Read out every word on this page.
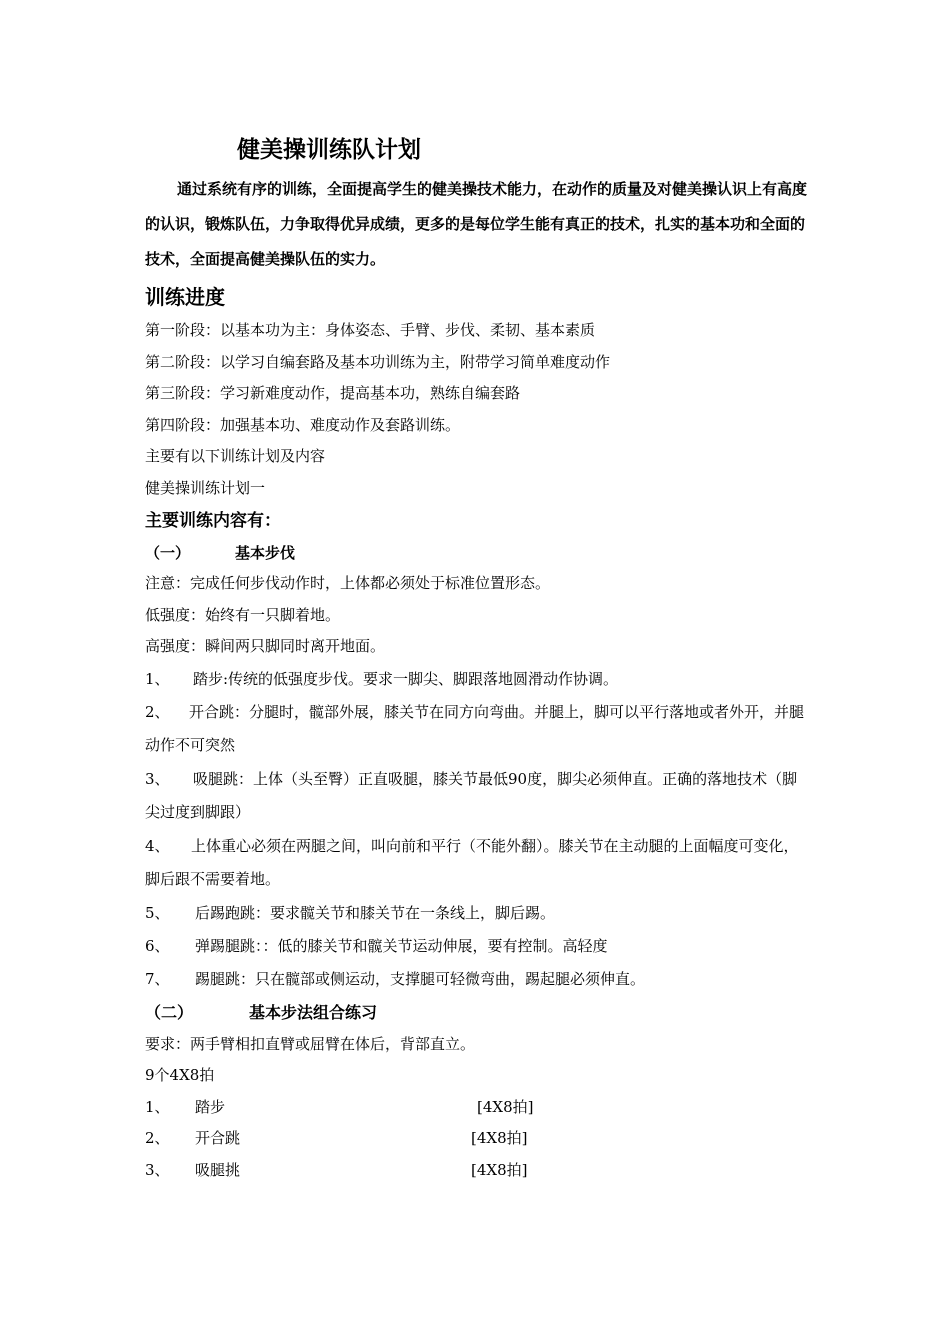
健美操训练队计划
通过系统有序的训练，全面提高学生的健美操技术能力，在动作的质量及对健美操认识上有高度的认识，锻炼队伍，力争取得优异成绩，更多的是每位学生能有真正的技术，扎实的基本功和全面的技术，全面提高健美操队伍的实力。
训练进度
第一阶段：以基本功为主：身体姿态、手臂、步伐、柔韧、基本素质
第二阶段：以学习自编套路及基本功训练为主，附带学习简单难度动作
第三阶段：学习新难度动作，提高基本功，熟练自编套路
第四阶段：加强基本功、难度动作及套路训练。
主要有以下训练计划及内容
健美操训练计划一
主要训练内容有：
（一）	基本步伐
注意：完成任何步伐动作时，上体都必须处于标准位置形态。
低强度：始终有一只脚着地。
高强度：瞬间两只脚同时离开地面。
1、 踏步:传统的低强度步伐。要求一脚尖、脚跟落地圆滑动作协调。
2、 开合跳：分腿时，髋部外展，膝关节在同方向弯曲。并腿上，脚可以平行落地或者外开，并腿动作不可突然
3、 吸腿跳：上体（头至臀）正直吸腿，膝关节最低90度，脚尖必须伸直。正确的落地技术（脚尖过度到脚跟）
4、 上体重心必须在两腿之间，叫向前和平行（不能外翻）。膝关节在主动腿的上面幅度可变化，脚后跟不需要着地。
5、 后踢跑跳：要求髋关节和膝关节在一条线上，脚后踢。
6、 弹踢腿跳：：低的膝关节和髋关节运动伸展，要有控制。高轻度
7、 踢腿跳：只在髋部或侧运动，支撑腿可轻微弯曲，踢起腿必须伸直。
（二）	基本步法组合练习
要求：两手臂相扣直臂或屈臂在体后，背部直立。
9个4X8拍
1、 踏步	[4X8拍]
2、 开合跳	[4X8拍]
3、 吸腿挑	[4X8拍]
